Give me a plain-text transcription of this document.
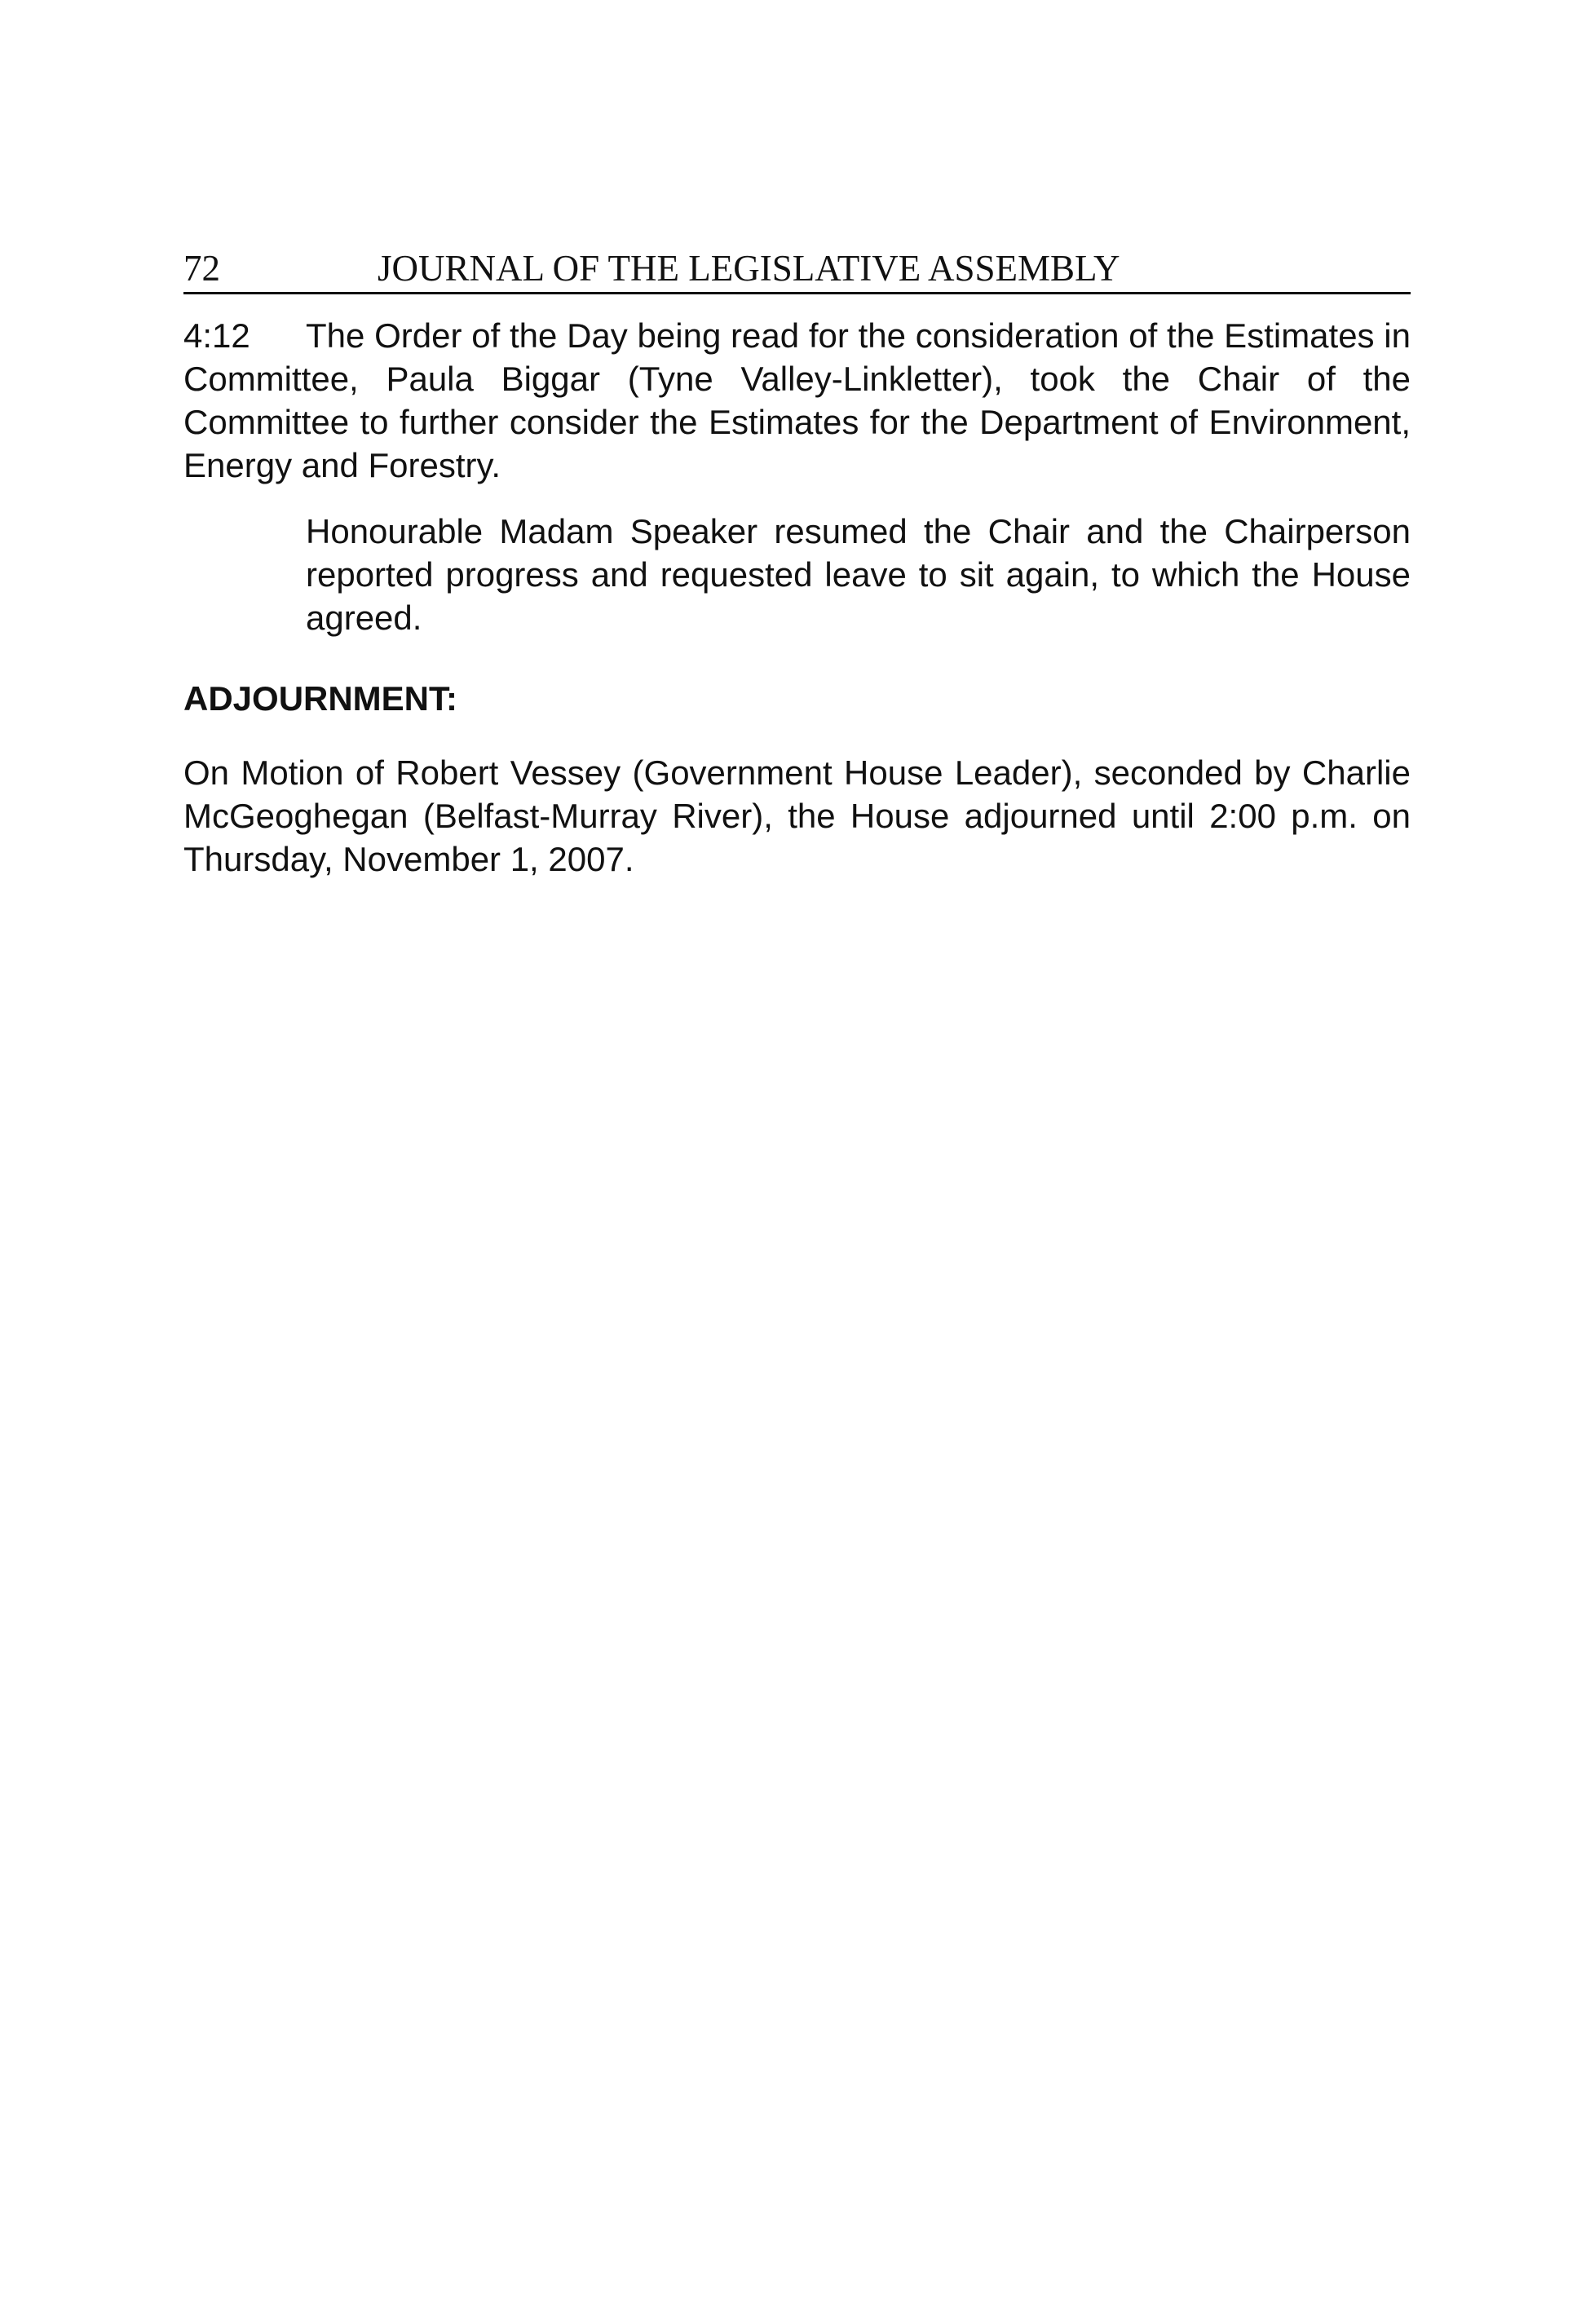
72	JOURNAL OF THE LEGISLATIVE ASSEMBLY

4:12 The Order of the Day being read for the consideration of the Estimates in Committee, Paula Biggar (Tyne Valley-Linkletter), took the Chair of the Committee to further consider the Estimates for the Department of Environment, Energy and Forestry.

Honourable Madam Speaker resumed the Chair and the Chairperson reported progress and requested leave to sit again, to which the House agreed.

ADJOURNMENT:

On Motion of Robert Vessey (Government House Leader), seconded by Charlie McGeoghegan (Belfast-Murray River), the House adjourned until 2:00 p.m. on Thursday, November 1, 2007.
